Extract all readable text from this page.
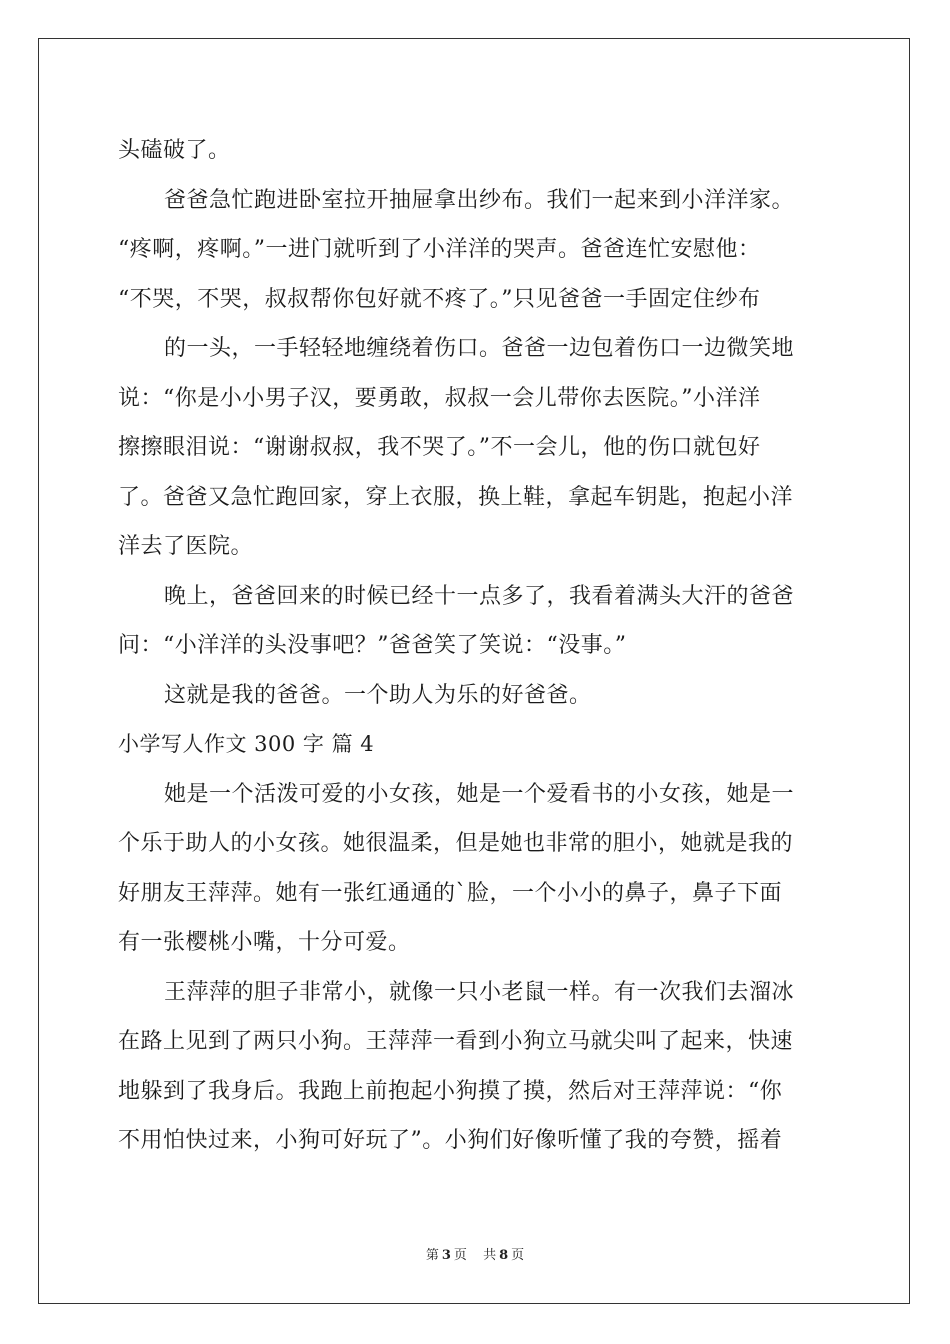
头磕破了。
爸爸急忙跑进卧室拉开抽屉拿出纱布。我们一起来到小洋洋家。
“疼啊，疼啊。”一进门就听到了小洋洋的哭声。爸爸连忙安慰他：
“不哭，不哭，叔叔帮你包好就不疼了。”只见爸爸一手固定住纱布
的一头，一手轻轻地缠绕着伤口。爸爸一边包着伤口一边微笑地
说：“你是小小男子汉，要勇敢，叔叔一会儿带你去医院。”小洋洋
擦擦眼泪说：“谢谢叔叔，我不哭了。”不一会儿，他的伤口就包好
了。爸爸又急忙跑回家，穿上衣服，换上鞋，拿起车钥匙，抱起小洋
洋去了医院。
晚上，爸爸回来的时候已经十一点多了，我看着满头大汗的爸爸
问：“小洋洋的头没事吧？”爸爸笑了笑说：“没事。”
这就是我的爸爸。一个助人为乐的好爸爸。
小学写人作文 300 字 篇 4
她是一个活泼可爱的小女孩，她是一个爱看书的小女孩，她是一
个乐于助人的小女孩。她很温柔，但是她也非常的胆小，她就是我的
好朋友王萍萍。她有一张红通通的`脸，一个小小的鼻子，鼻子下面
有一张樱桃小嘴，十分可爱。
王萍萍的胆子非常小，就像一只小老鼠一样。有一次我们去溜冰
在路上见到了两只小狗。王萍萍一看到小狗立马就尖叫了起来，快速
地躲到了我身后。我跑上前抱起小狗摸了摸，然后对王萍萍说：“你
不用怕快过来，小狗可好玩了”。小狗们好像听懂了我的夸赞，摇着
第 3 页 共 8 页
